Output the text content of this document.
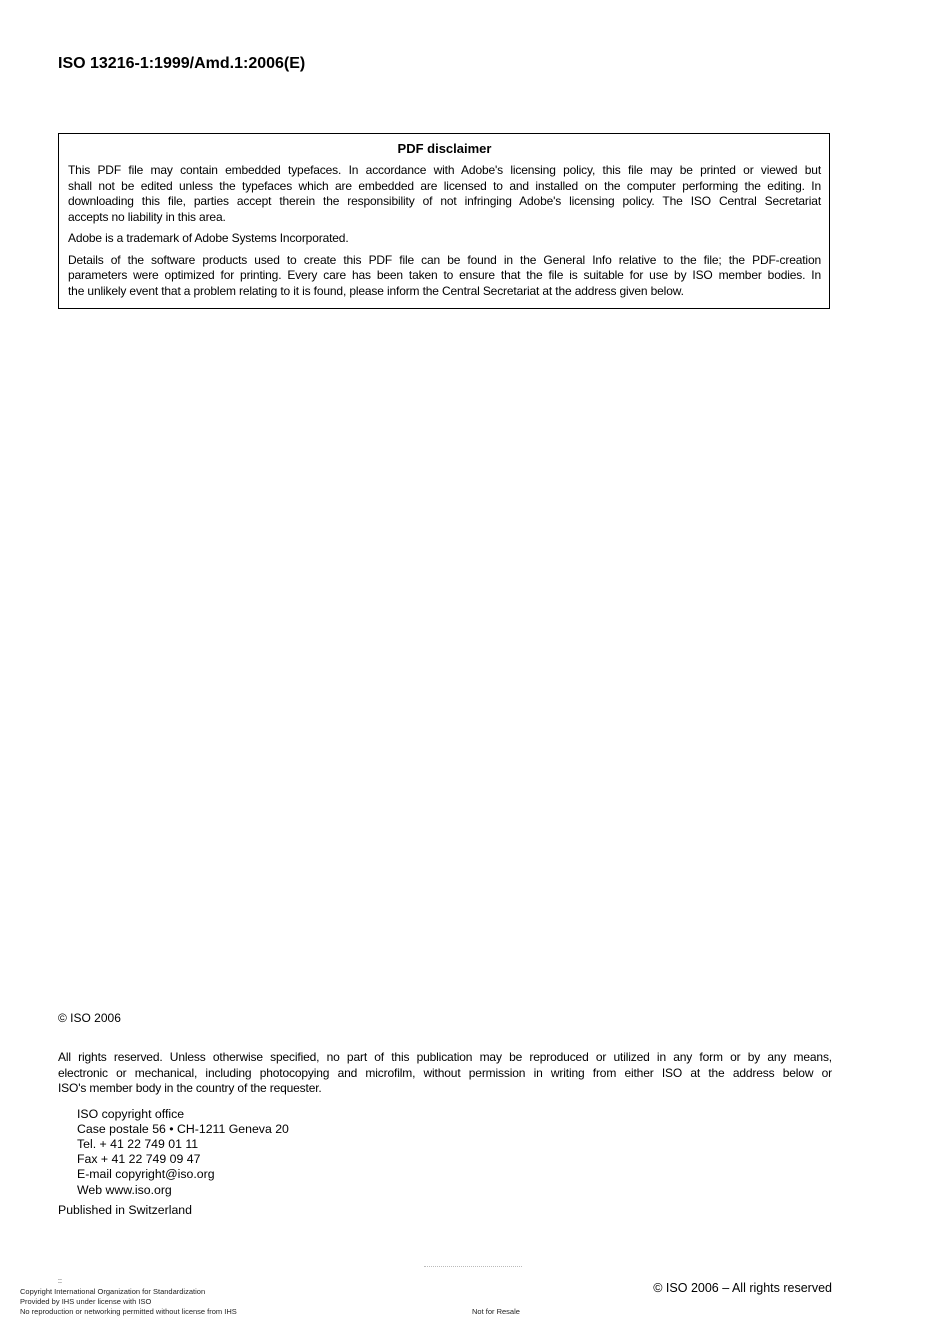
ISO 13216-1:1999/Amd.1:2006(E)
PDF disclaimer
This PDF file may contain embedded typefaces. In accordance with Adobe's licensing policy, this file may be printed or viewed but
shall not be edited unless the typefaces which are embedded are licensed to and installed on the computer performing the editing. In
downloading this file, parties accept therein the responsibility of not infringing Adobe's licensing policy. The ISO Central Secretariat
accepts no liability in this area.
Adobe is a trademark of Adobe Systems Incorporated.
Details of the software products used to create this PDF file can be found in the General Info relative to the file; the PDF-creation
parameters were optimized for printing. Every care has been taken to ensure that the file is suitable for use by ISO member bodies. In
the unlikely event that a problem relating to it is found, please inform the Central Secretariat at the address given below.
© ISO 2006
All rights reserved. Unless otherwise specified, no part of this publication may be reproduced or utilized in any form or by any means,
electronic or mechanical, including photocopying and microfilm, without permission in writing from either ISO at the address below or
ISO's member body in the country of the requester.
ISO copyright office
Case postale 56 • CH-1211 Geneva 20
Tel. + 41 22 749 01 11
Fax + 41 22 749 09 47
E-mail copyright@iso.org
Web www.iso.org
Published in Switzerland
::
Copyright International Organization for Standardization
Provided by IHS under license with ISO
No reproduction or networking permitted without license from IHS	Not for Resale
© ISO 2006 – All rights reserved
